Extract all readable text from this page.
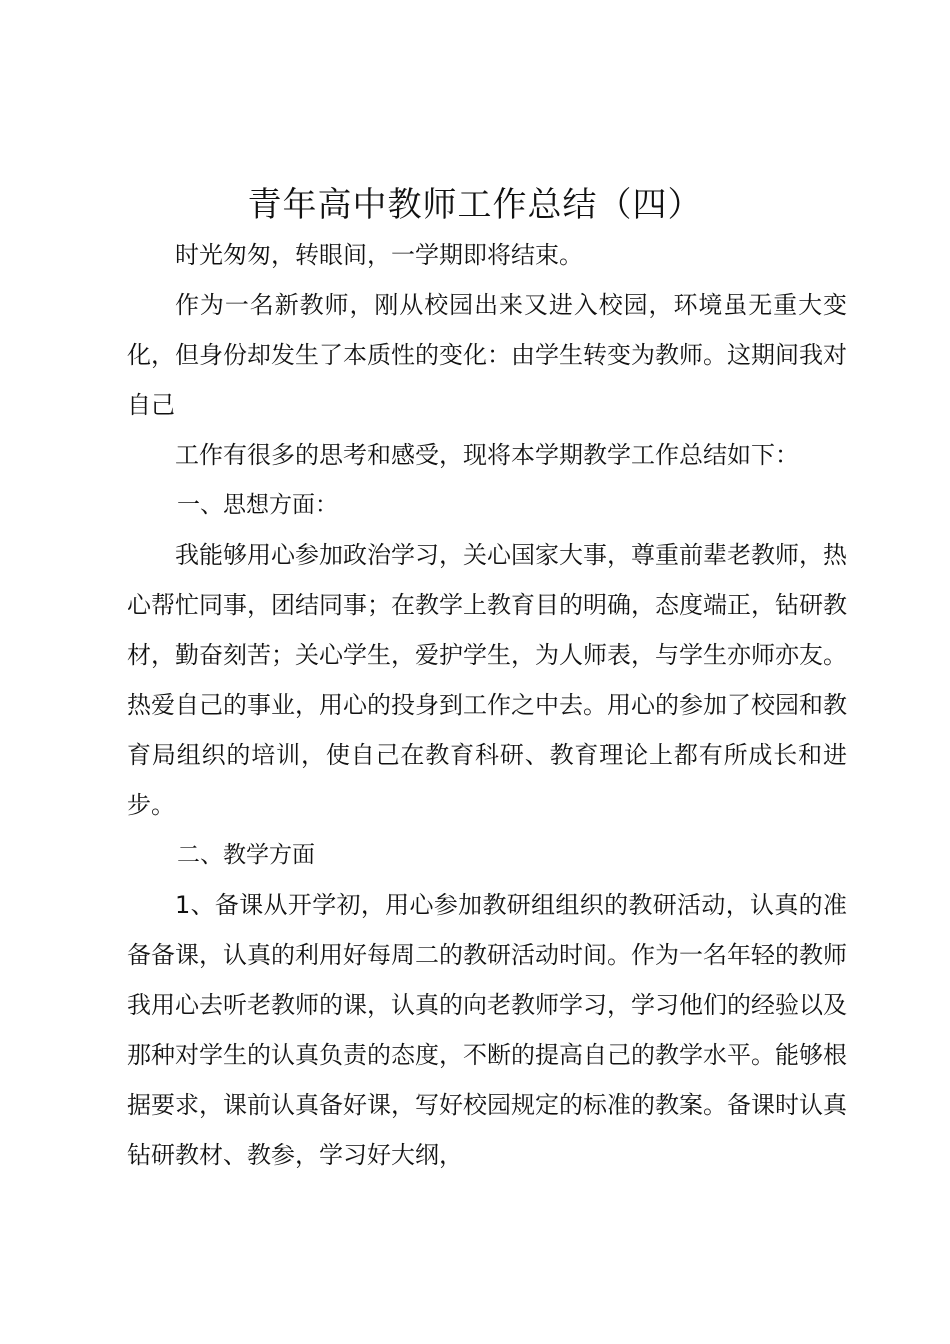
青年高中教师工作总结（四）

时光匆匆，转眼间，一学期即将结束。

作为一名新教师，刚从校园出来又进入校园，环境虽无重大变化，但身份却发生了本质性的变化：由学生转变为教师。这期间我对自己

工作有很多的思考和感受，现将本学期教学工作总结如下：

一、思想方面：

我能够用心参加政治学习，关心国家大事，尊重前辈老教师，热心帮忙同事，团结同事；在教学上教育目的明确，态度端正，钻研教材，勤奋刻苦；关心学生，爱护学生，为人师表，与学生亦师亦友。热爱自己的事业，用心的投身到工作之中去。用心的参加了校园和教育局组织的培训，使自己在教育科研、教育理论上都有所成长和进步。

二、教学方面

1、备课从开学初，用心参加教研组组织的教研活动，认真的准备备课，认真的利用好每周二的教研活动时间。作为一名年轻的教师我用心去听老教师的课，认真的向老教师学习，学习他们的经验以及那种对学生的认真负责的态度，不断的提高自己的教学水平。能够根据要求，课前认真备好课，写好校园规定的标准的教案。备课时认真钻研教材、教参，学习好大纲，
